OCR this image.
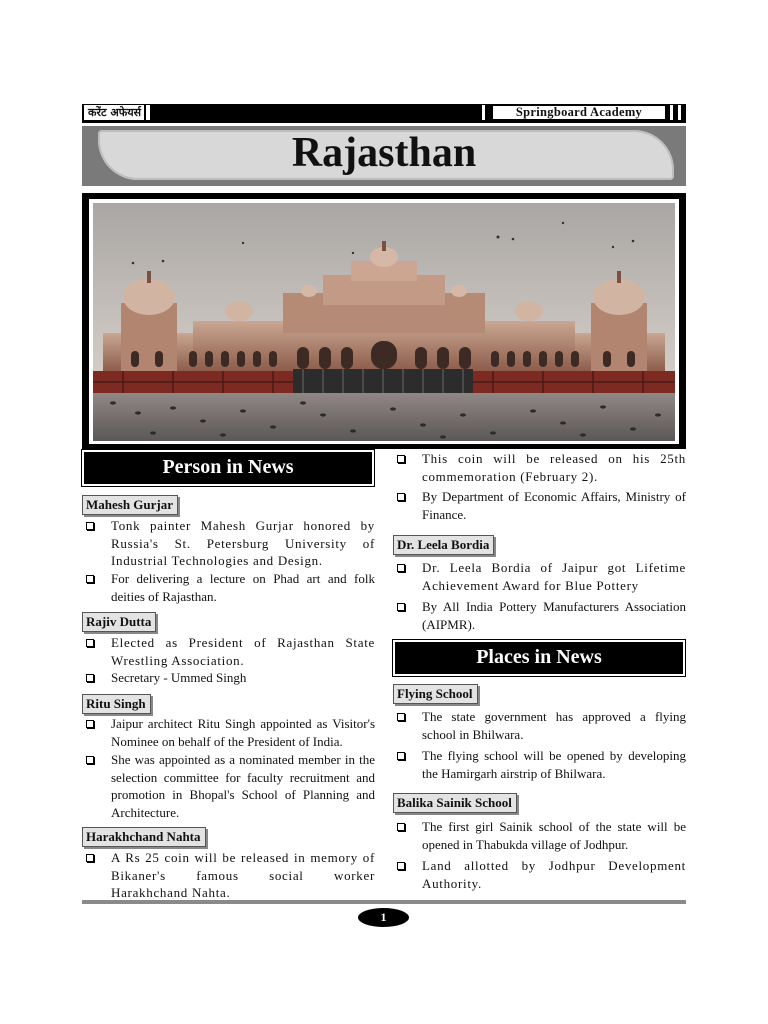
करेंट अफेयर्स	Springboard Academy
Rajasthan
Person in News
Mahesh Gurjar
Tonk painter Mahesh Gurjar honored by Russia's St. Petersburg University of Industrial Technologies and Design.
For delivering a lecture on Phad art and folk deities of Rajasthan.
Rajiv Dutta
Elected as President of Rajasthan State Wrestling Association.
Secretary - Ummed Singh
Ritu Singh
Jaipur architect Ritu Singh appointed as Visitor's Nominee on behalf of the President of India.
She was appointed as a nominated member in the selection committee for faculty recruitment and promotion in Bhopal's School of Planning and Architecture.
Harakhchand Nahta
A Rs 25 coin will be released in memory of Bikaner's famous social worker Harakhchand Nahta.
This coin will be released on his 25th commemoration (February 2).
By Department of Economic Affairs, Ministry of Finance.
Dr. Leela Bordia
Dr. Leela Bordia of Jaipur got Lifetime Achievement Award for Blue Pottery
By All India Pottery Manufacturers Association (AIPMR).
Places in News
Flying School
The state government has approved a flying school in Bhilwara.
The flying school will be opened by developing the Hamirgarh airstrip of Bhilwara.
Balika Sainik School
The first girl Sainik school of the state will be opened in Thabukda village of Jodhpur.
Land allotted by Jodhpur Development Authority.
1
